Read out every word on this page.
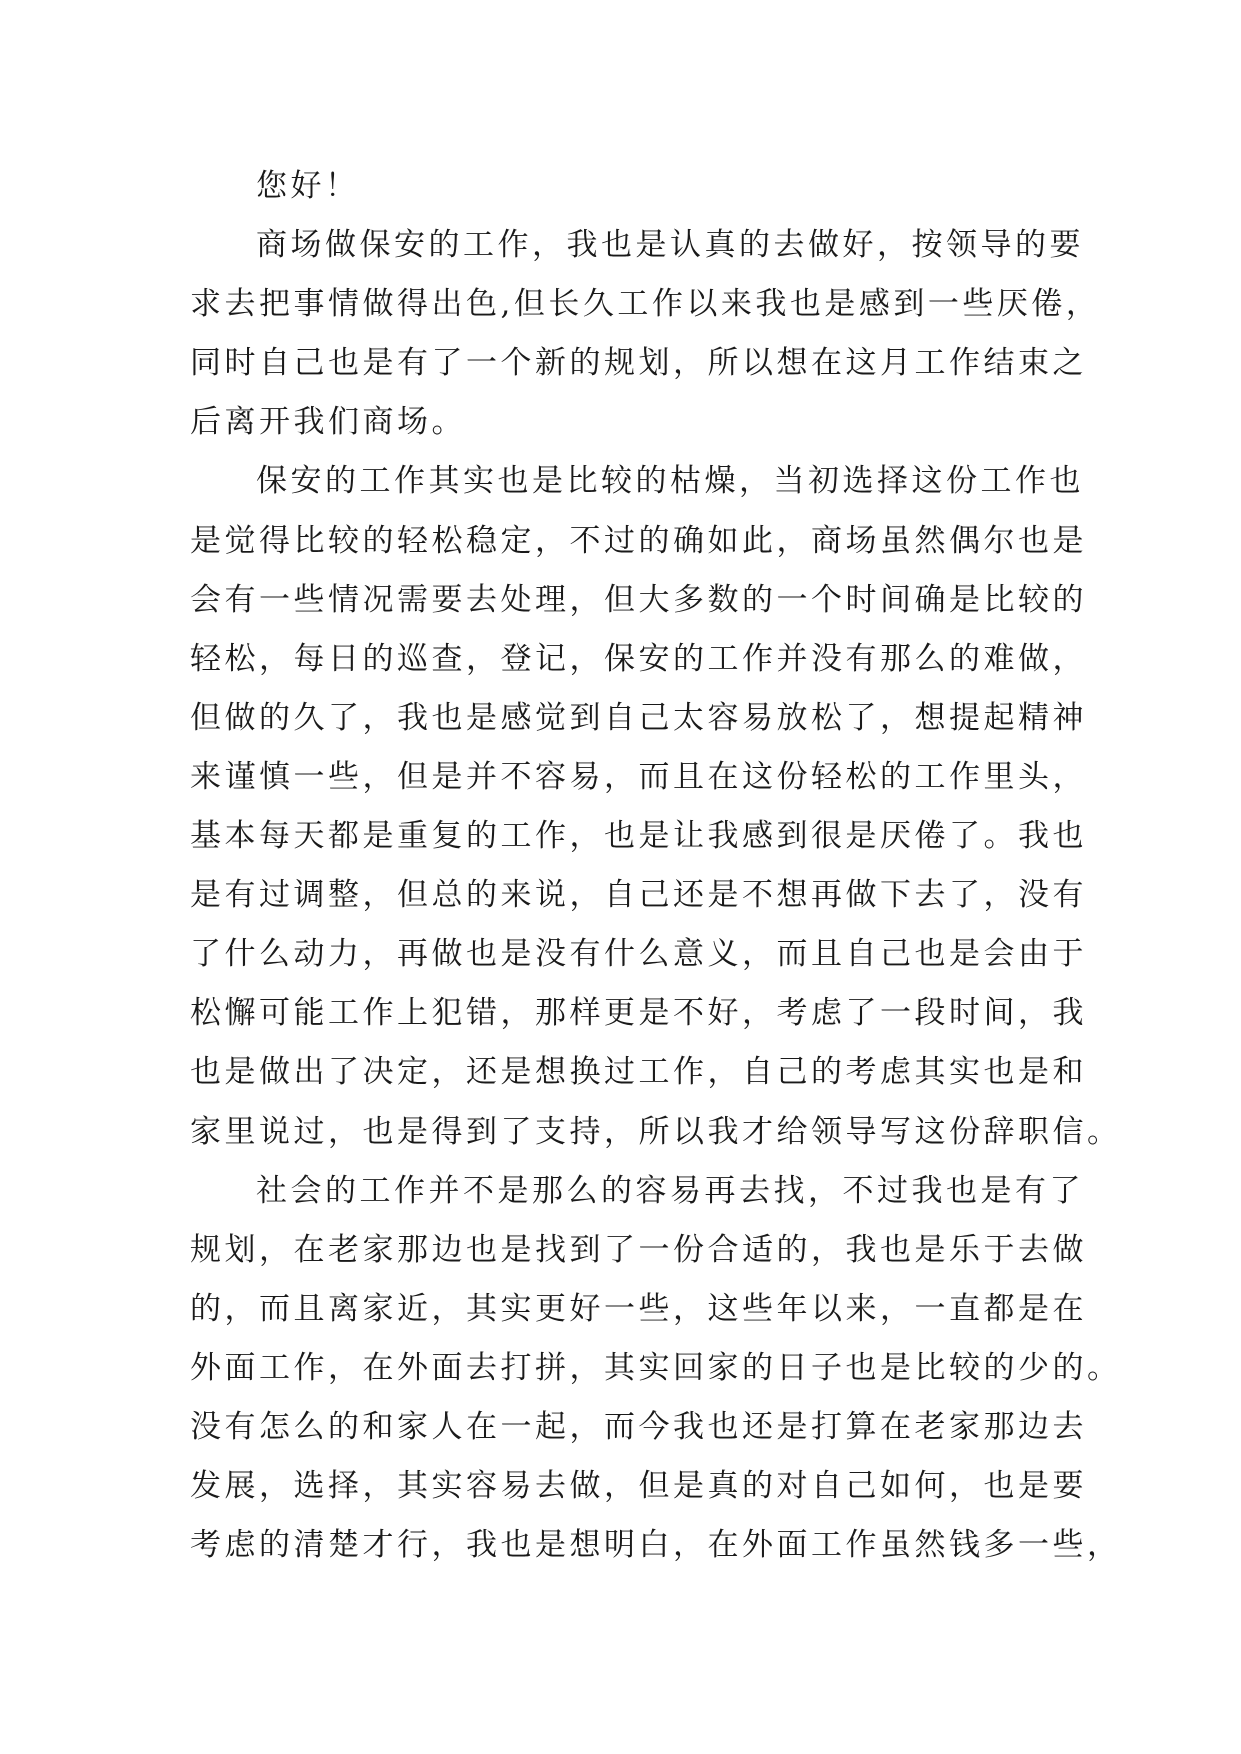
您好！
商场做保安的工作，我也是认真的去做好，按领导的要
求去把事情做得出色,但长久工作以来我也是感到一些厌倦，
同时自己也是有了一个新的规划，所以想在这月工作结束之
后离开我们商场。
保安的工作其实也是比较的枯燥，当初选择这份工作也
是觉得比较的轻松稳定，不过的确如此，商场虽然偶尔也是
会有一些情况需要去处理，但大多数的一个时间确是比较的
轻松，每日的巡查，登记，保安的工作并没有那么的难做，
但做的久了，我也是感觉到自己太容易放松了，想提起精神
来谨慎一些，但是并不容易，而且在这份轻松的工作里头，
基本每天都是重复的工作，也是让我感到很是厌倦了。我也
是有过调整，但总的来说，自己还是不想再做下去了，没有
了什么动力，再做也是没有什么意义，而且自己也是会由于
松懈可能工作上犯错，那样更是不好，考虑了一段时间，我
也是做出了决定，还是想换过工作，自己的考虑其实也是和
家里说过，也是得到了支持，所以我才给领导写这份辞职信。
社会的工作并不是那么的容易再去找，不过我也是有了
规划，在老家那边也是找到了一份合适的，我也是乐于去做
的，而且离家近，其实更好一些，这些年以来，一直都是在
外面工作，在外面去打拼，其实回家的日子也是比较的少的。
没有怎么的和家人在一起，而今我也还是打算在老家那边去
发展，选择，其实容易去做，但是真的对自己如何，也是要
考虑的清楚才行，我也是想明白，在外面工作虽然钱多一些，
